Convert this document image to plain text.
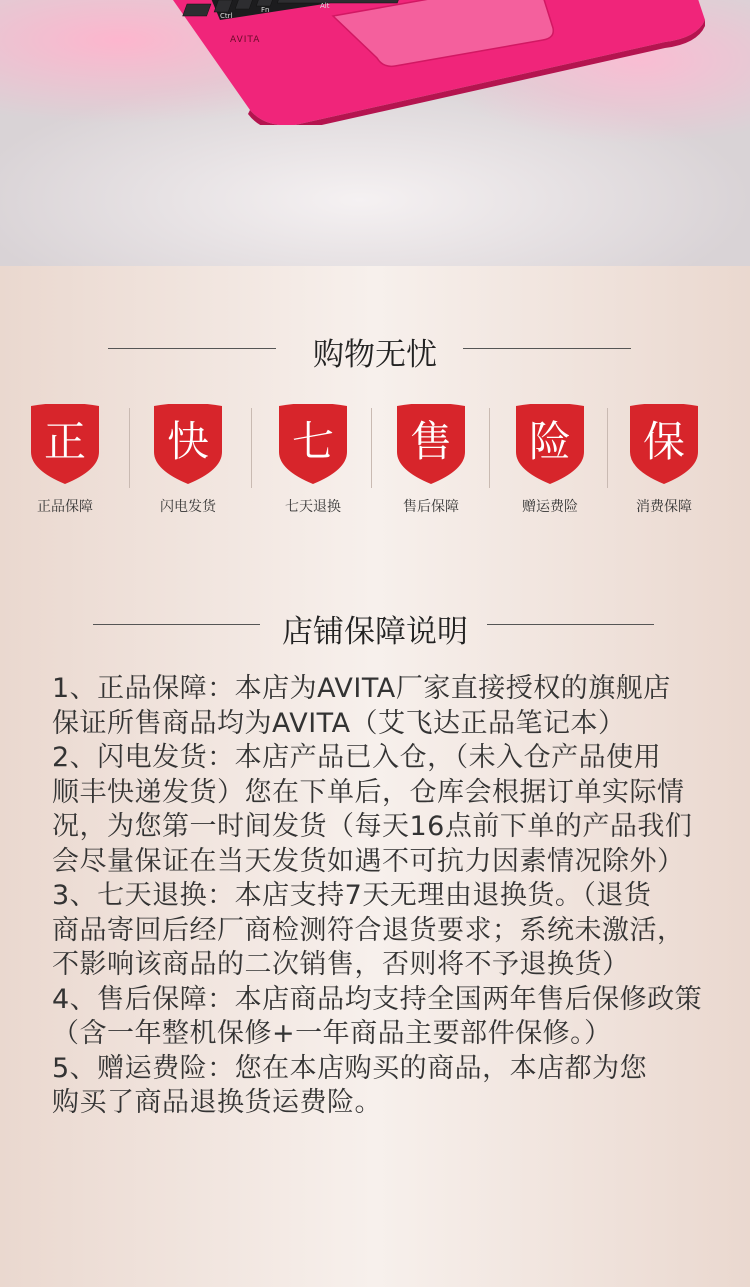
Ctrl
Fn	Alt
AVITA
购物无忧
正
正品保障
快
闪电发货
七
七天退换
售
售后保障
险
赠运费险
保
消费保障
店铺保障说明

1、正品保障：本店为AVITA厂家直接授权的旗舰店

保证所售商品均为AVITA（艾飞达正品笔记本）

2、闪电发货：本店产品已入仓，（未入仓产品使用

顺丰快递发货）您在下单后，仓库会根据订单实际情

况，为您第一时间发货（每天16点前下单的产品我们

会尽量保证在当天发货如遇不可抗力因素情况除外）

3、七天退换：本店支持7天无理由退换货。（退货

商品寄回后经厂商检测符合退货要求；系统未激活，

不影响该商品的二次销售，否则将不予退换货）

4、售后保障：本店商品均支持全国两年售后保修政策

（含一年整机保修+一年商品主要部件保修。）

5、赠运费险：您在本店购买的商品，本店都为您

购买了商品退换货运费险。
